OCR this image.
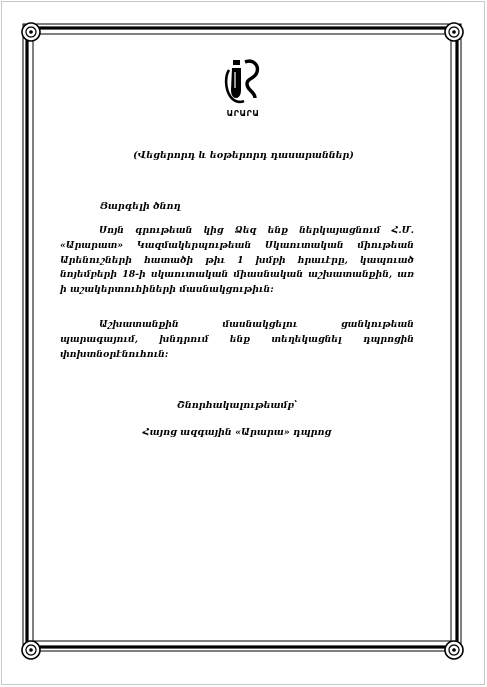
ԱՐԱՐԱ
(Վեցերորդ և եօթերորդ դասարաններ)
Յարգելի ծնող

Սոյն գրութեան կից Ձեզ ենք ներկայացնում Հ.Մ. «Արարատ» Կազմակերպութեան Սկաուտական միութեան Արենուշների հատածի թիւ 1 խմբի հրաւէրը, կապուած նոյեմբերի 18-ի սկաուտական միասնական աշխատանքին, առ ի աշակերտուհիների մասնակցութիւն:

Աշխատանքին մասնակցելու ցանկութեան պարագայում, խնդրում ենք տեղեկացնել դպրոցին փոխտնօրէնուհուն:

Շնորհակալութեամբ՝
Հայոց ազգային «Արարա» դպրոց
